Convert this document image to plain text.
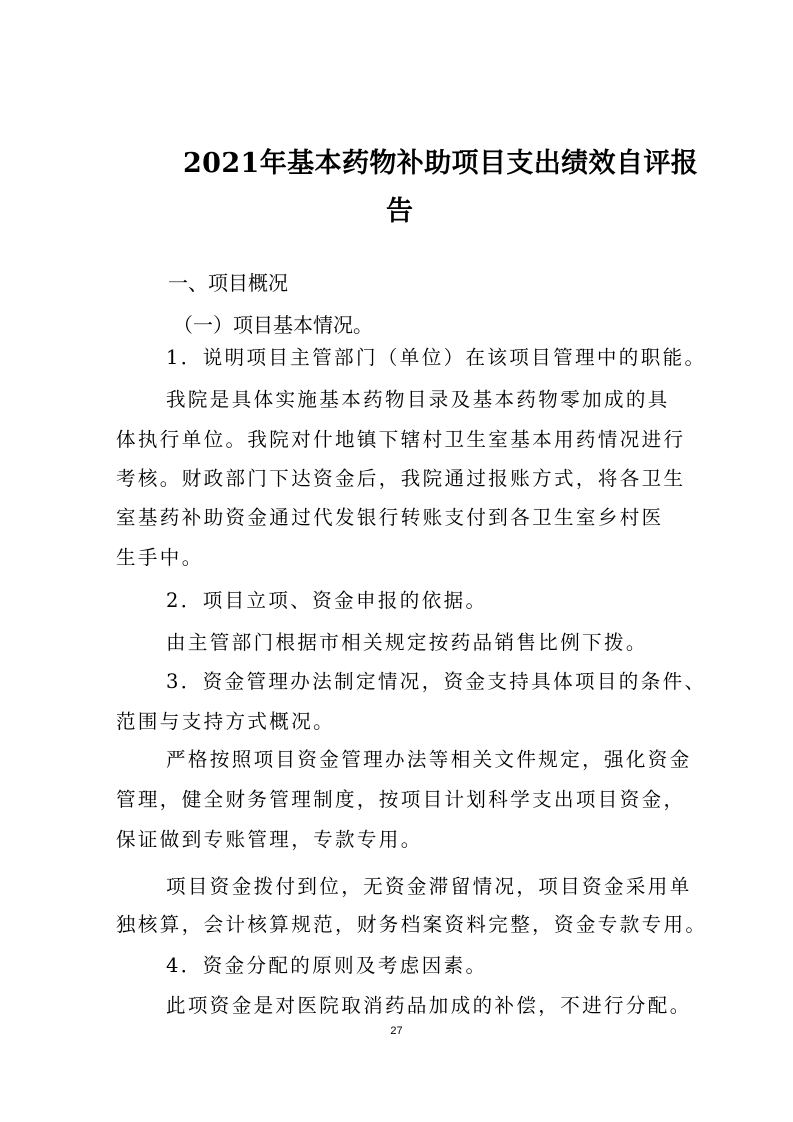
2021年基本药物补助项目支出绩效自评报
告
一、项目概况
（一）项目基本情况。
1．说明项目主管部门（单位）在该项目管理中的职能。
我院是具体实施基本药物目录及基本药物零加成的具
体执行单位。我院对什地镇下辖村卫生室基本用药情况进行
考核。财政部门下达资金后，我院通过报账方式，将各卫生
室基药补助资金通过代发银行转账支付到各卫生室乡村医
生手中。
2．项目立项、资金申报的依据。
由主管部门根据市相关规定按药品销售比例下拨。
3．资金管理办法制定情况，资金支持具体项目的条件、
范围与支持方式概况。
严格按照项目资金管理办法等相关文件规定，强化资金
管理，健全财务管理制度，按项目计划科学支出项目资金，
保证做到专账管理，专款专用。
项目资金拨付到位，无资金滞留情况，项目资金采用单
独核算，会计核算规范，财务档案资料完整，资金专款专用。
4．资金分配的原则及考虑因素。
此项资金是对医院取消药品加成的补偿，不进行分配。
27
